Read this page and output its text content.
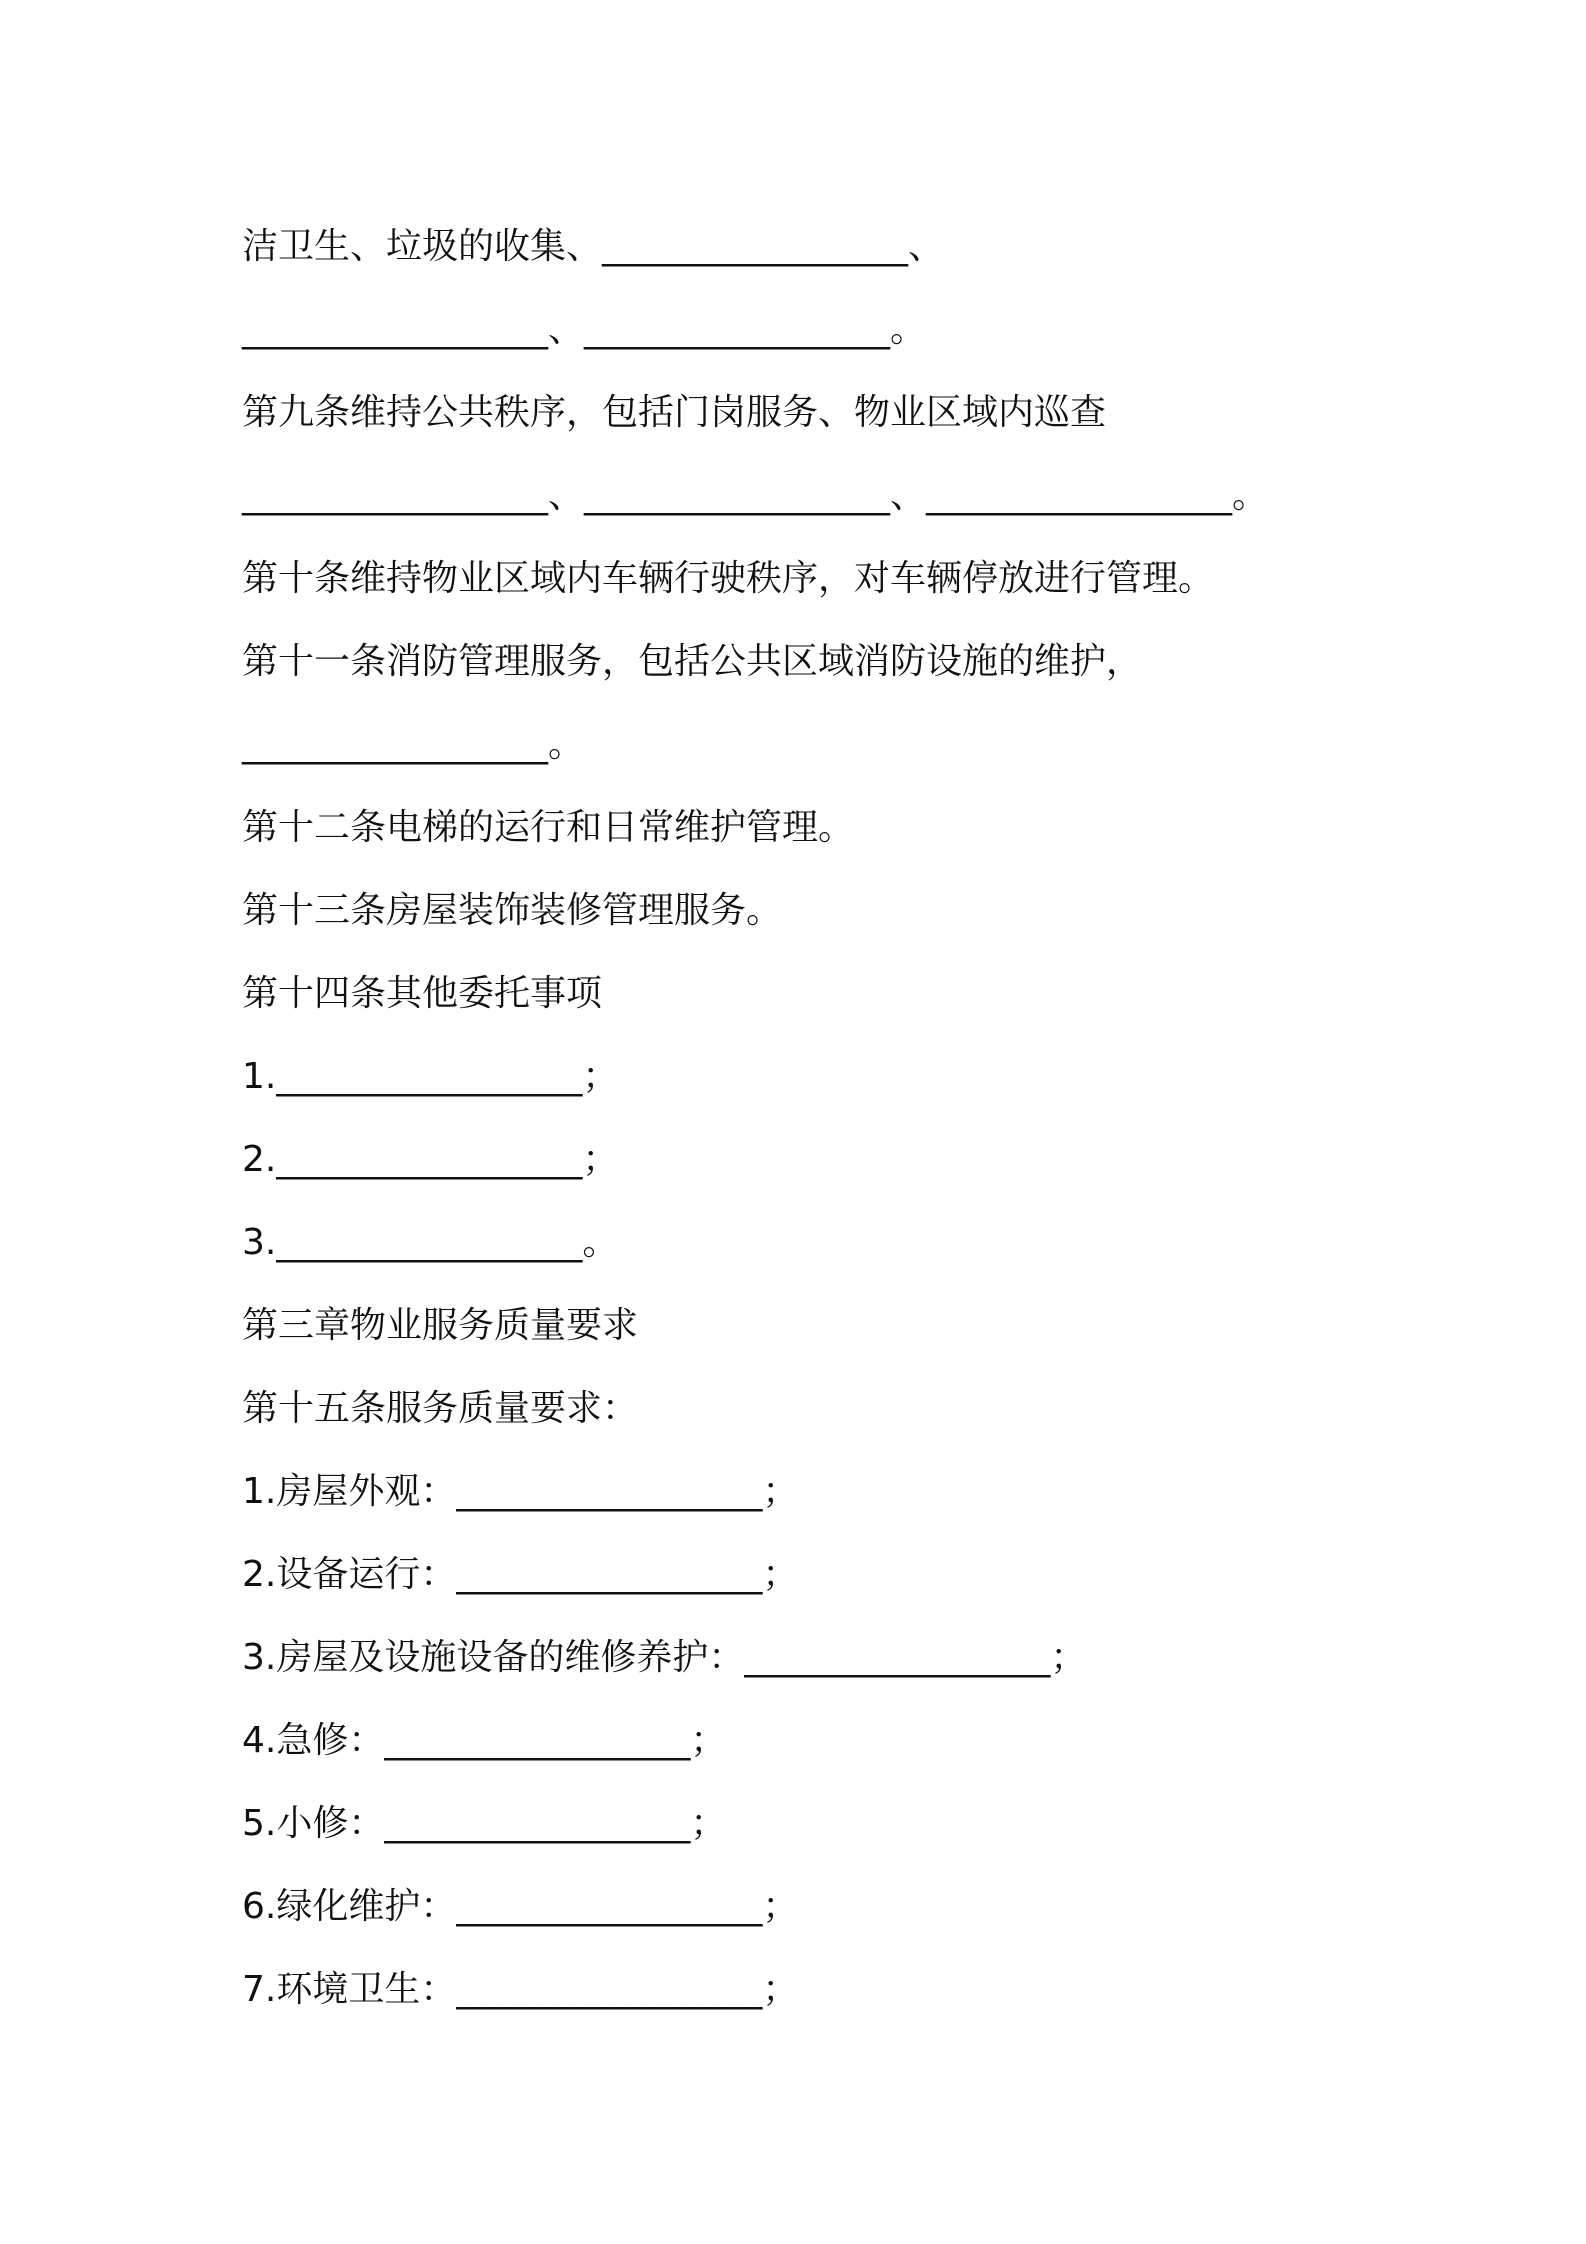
洁卫生、垃圾的收集、_________________、
_________________、_________________。
第九条维持公共秩序，包括门岗服务、物业区域内巡查
_________________、_________________、_________________。
第十条维持物业区域内车辆行驶秩序，对车辆停放进行管理。
第十一条消防管理服务，包括公共区域消防设施的维护，
_________________。
第十二条电梯的运行和日常维护管理。
第十三条房屋装饰装修管理服务。
第十四条其他委托事项
1._________________；
2._________________；
3._________________。
第三章物业服务质量要求
第十五条服务质量要求：
1.房屋外观：_________________；
2.设备运行：_________________；
3.房屋及设施设备的维修养护：_________________；
4.急修：_________________；
5.小修：_________________；
6.绿化维护：_________________；
7.环境卫生：_________________；
